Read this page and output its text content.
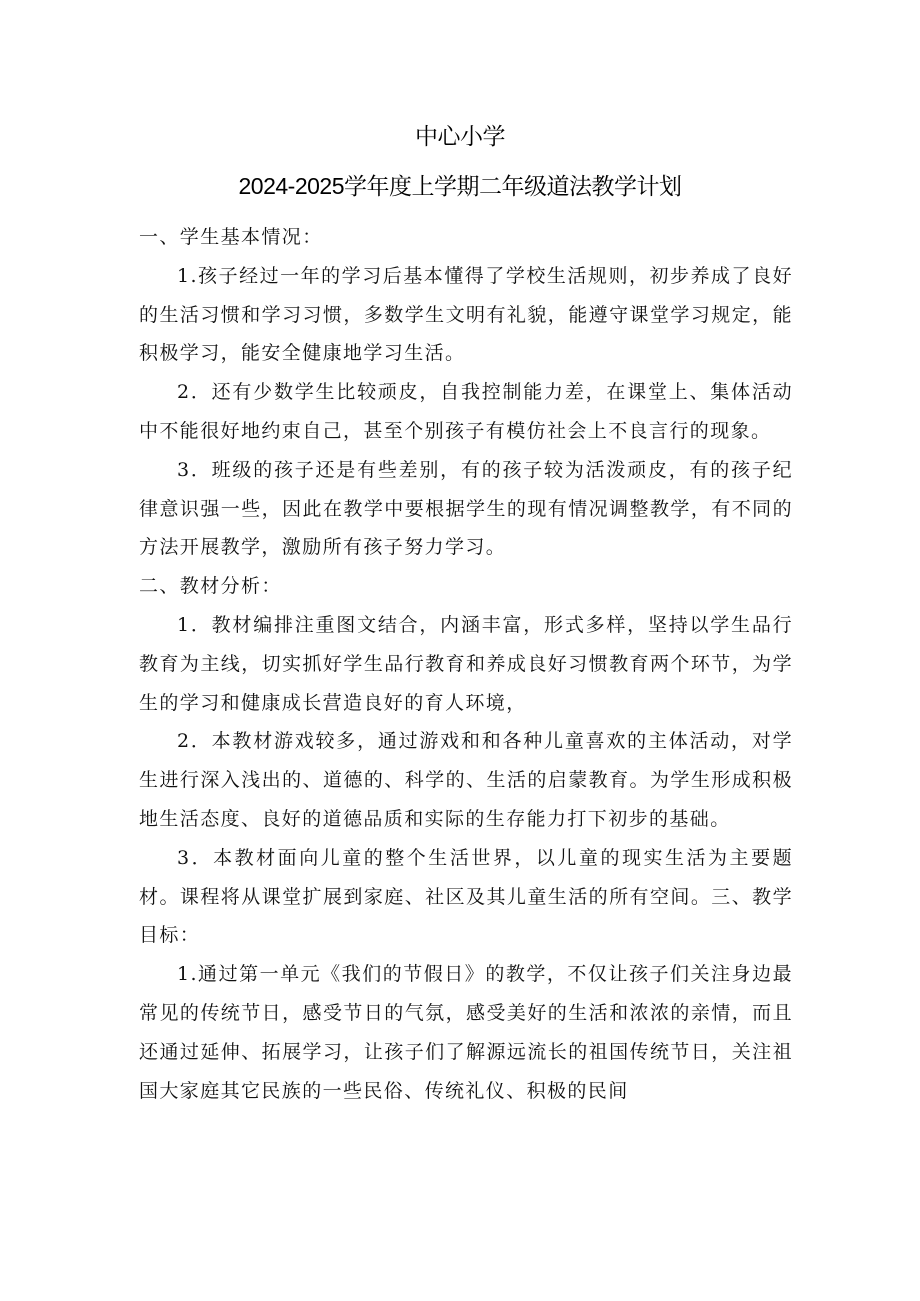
中心小学
2024-2025学年度上学期二年级道法教学计划

一、学生基本情况：

1.孩子经过一年的学习后基本懂得了学校生活规则，初步养成了良好的生活习惯和学习习惯，多数学生文明有礼貌，能遵守课堂学习规定，能积极学习，能安全健康地学习生活。

2．还有少数学生比较顽皮，自我控制能力差，在课堂上、集体活动中不能很好地约束自己，甚至个别孩子有模仿社会上不良言行的现象。

3．班级的孩子还是有些差别，有的孩子较为活泼顽皮，有的孩子纪律意识强一些，因此在教学中要根据学生的现有情况调整教学，有不同的方法开展教学，激励所有孩子努力学习。

二、教材分析：

1．教材编排注重图文结合，内涵丰富，形式多样，坚持以学生品行教育为主线，切实抓好学生品行教育和养成良好习惯教育两个环节，为学生的学习和健康成长营造良好的育人环境，

2．本教材游戏较多，通过游戏和和各种儿童喜欢的主体活动，对学生进行深入浅出的、道德的、科学的、生活的启蒙教育。为学生形成积极地生活态度、良好的道德品质和实际的生存能力打下初步的基础。

3．本教材面向儿童的整个生活世界，以儿童的现实生活为主要题材。课程将从课堂扩展到家庭、社区及其儿童生活的所有空间。三、教学目标：

1.通过第一单元《我们的节假日》的教学，不仅让孩子们关注身边最常见的传统节日，感受节日的气氛，感受美好的生活和浓浓的亲情，而且还通过延伸、拓展学习，让孩子们了解源远流长的祖国传统节日，关注祖国大家庭其它民族的一些民俗、传统礼仪、积极的民间
